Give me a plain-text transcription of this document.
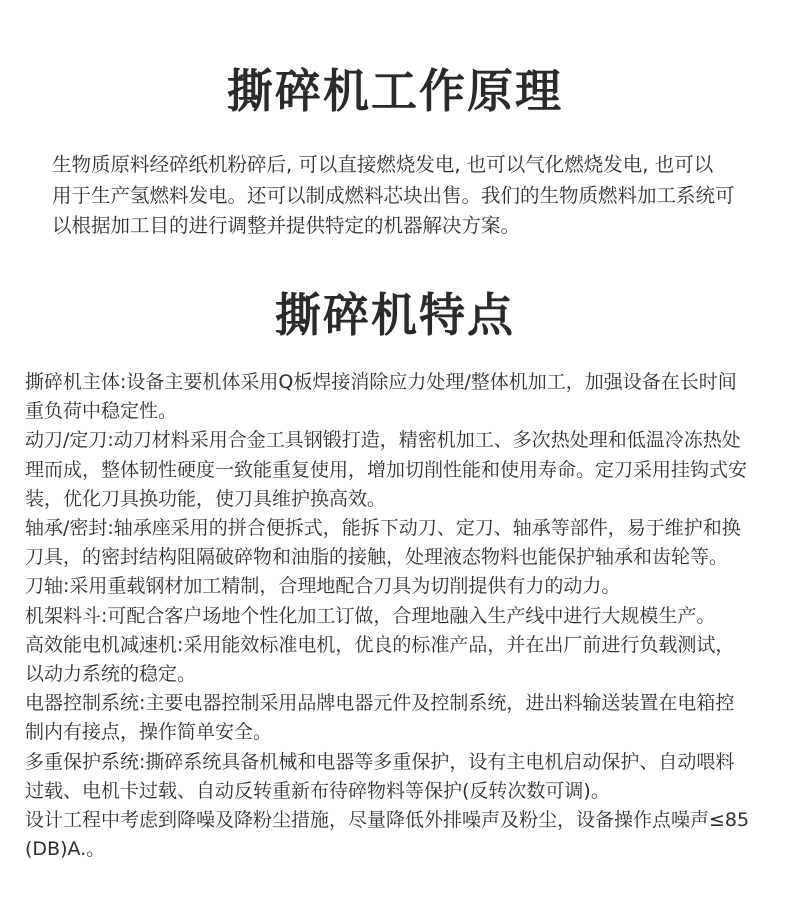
撕碎机工作原理

生物质原料经碎纸机粉碎后, 可以直接燃烧发电, 也可以气化燃烧发电, 也可以
用于生产氢燃料发电。还可以制成燃料芯块出售。我们的生物质燃料加工系统可
以根据加工目的进行调整并提供特定的机器解决方案。

撕碎机特点
撕碎机主体:设备主要机体采用Q板焊接消除应力处理/整体机加工，加强设备在长时间
重负荷中稳定性。
动刀/定刀:动刀材料采用合金工具钢锻打造，精密机加工、多次热处理和低温冷冻热处
理而成，整体韧性硬度一致能重复使用，增加切削性能和使用寿命。定刀采用挂钩式安
装，优化刀具换功能，使刀具维护换高效。
轴承/密封:轴承座采用的拼合便拆式，能拆下动刀、定刀、轴承等部件，易于维护和换
刀具，的密封结构阻隔破碎物和油脂的接触，处理液态物料也能保护轴承和齿轮等。
刀轴:采用重载钢材加工精制，合理地配合刀具为切削提供有力的动力。
机架料斗:可配合客户场地个性化加工订做，合理地融入生产线中进行大规模生产。
高效能电机减速机:采用能效标准电机，优良的标准产品，并在出厂前进行负载测试，
以动力系统的稳定。
电器控制系统:主要电器控制采用品牌电器元件及控制系统，进出料输送装置在电箱控
制内有接点，操作简单安全。
多重保护系统:撕碎系统具备机械和电器等多重保护，设有主电机启动保护、自动喂料
过载、电机卡过载、自动反转重新布待碎物料等保护(反转次数可调)。
设计工程中考虑到降噪及降粉尘措施，尽量降低外排噪声及粉尘，设备操作点噪声≤85
(DB)A.。
